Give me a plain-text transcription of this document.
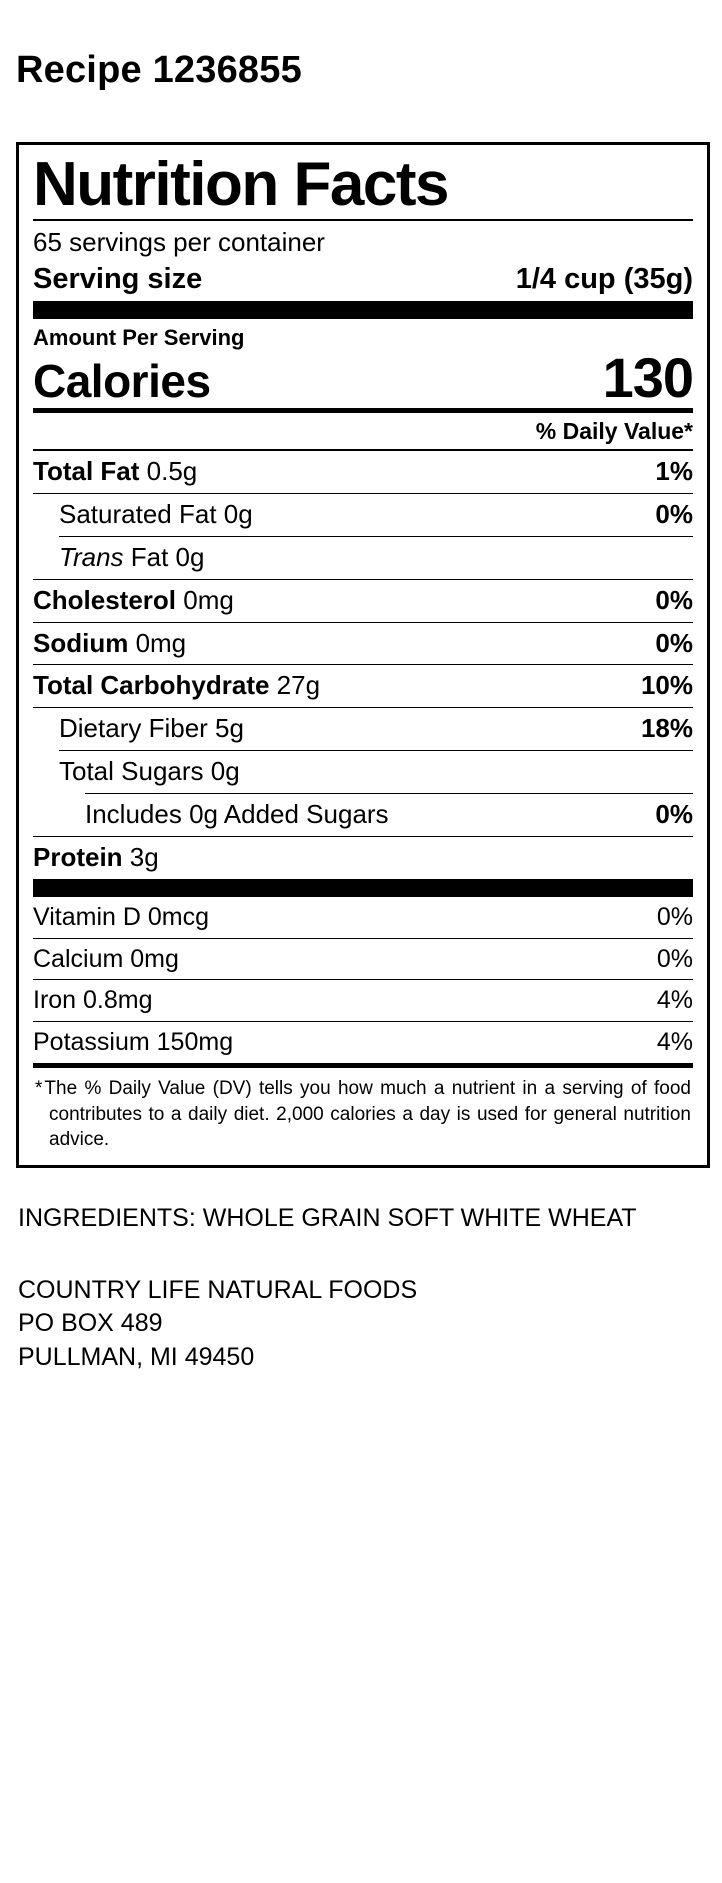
Recipe 1236855
Nutrition Facts
65 servings per container
Serving size	1/4 cup (35g)
Amount Per Serving
Calories	130
% Daily Value*
Total Fat 0.5g	1%
Saturated Fat 0g	0%
Trans Fat 0g
Cholesterol 0mg	0%
Sodium 0mg	0%
Total Carbohydrate 27g	10%
Dietary Fiber 5g	18%
Total Sugars 0g
Includes 0g Added Sugars	0%
Protein 3g
Vitamin D 0mcg	0%
Calcium 0mg	0%
Iron 0.8mg	4%
Potassium 150mg	4%
* The % Daily Value (DV) tells you how much a nutrient in a serving of food contributes to a daily diet. 2,000 calories a day is used for general nutrition advice.
INGREDIENTS: WHOLE GRAIN SOFT WHITE WHEAT
COUNTRY LIFE NATURAL FOODS
PO BOX 489
PULLMAN, MI 49450
